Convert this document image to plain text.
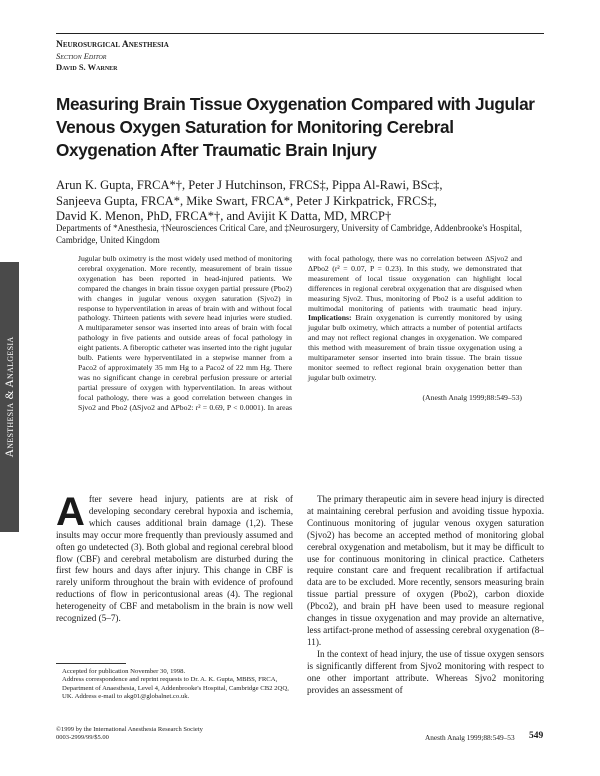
Anesthesia & Analgesia
Neurosurgical Anesthesia
Section Editor
David S. Warner
Measuring Brain Tissue Oxygenation Compared with Jugular Venous Oxygen Saturation for Monitoring Cerebral Oxygenation After Traumatic Brain Injury
Arun K. Gupta, FRCA*†, Peter J Hutchinson, FRCS‡, Pippa Al-Rawi, BSc‡,
Sanjeeva Gupta, FRCA*, Mike Swart, FRCA*, Peter J Kirkpatrick, FRCS‡,
David K. Menon, PhD, FRCA*†, and Avijit K Datta, MD, MRCP†
Departments of *Anesthesia, †Neurosciences Critical Care, and ‡Neurosurgery, University of Cambridge, Addenbrooke's Hospital, Cambridge, United Kingdom

Jugular bulb oximetry is the most widely used method of monitoring cerebral oxygenation. More recently, measurement of brain tissue oxygenation has been reported in head-injured patients. We compared the changes in brain tissue oxygen partial pressure (Pbo2) with changes in jugular venous oxygen saturation (Sjvo2) in response to hyperventilation in areas of brain with and without focal pathology. Thirteen patients with severe head injuries were studied. A multiparameter sensor was inserted into areas of brain with focal pathology in five patients and outside areas of focal pathology in eight patients. A fiberoptic catheter was inserted into the right jugular bulb. Patients were hyperventilated in a stepwise manner from a Paco2 of approximately 35 mm Hg to a Paco2 of 22 mm Hg. There was no significant change in cerebral perfusion pressure or arterial partial pressure of oxygen with hyperventilation. In areas without focal pathology, there was a good correlation between changes in Sjvo2 and Pbo2 (ΔSjvo2 and ΔPbo2: r² = 0.69, P < 0.0001). In areas with focal pathology, there was no correlation between ΔSjvo2 and ΔPbo2 (r² = 0.07, P = 0.23). In this study, we demonstrated that measurement of local tissue oxygenation can highlight local differences in regional cerebral oxygenation that are disguised when measuring Sjvo2. Thus, monitoring of Pbo2 is a useful addition to multimodal monitoring of patients with traumatic head injury. Implications: Brain oxygenation is currently monitored by using jugular bulb oximetry, which attracts a number of potential artifacts and may not reflect regional changes in oxygenation. We compared this method with measurement of brain tissue oxygenation using a multiparameter sensor inserted into brain tissue. The brain tissue monitor seemed to reflect regional brain oxygenation better than jugular bulb oximetry.

(Anesth Analg 1999;88:549–53)

After severe head injury, patients are at risk of developing secondary cerebral hypoxia and ischemia, which causes additional brain damage (1,2). These insults may occur more frequently than previously assumed and often go undetected (3). Both global and regional cerebral blood flow (CBF) and cerebral metabolism are disturbed during the first few hours and days after injury. This change in CBF is rarely uniform throughout the brain with evidence of profound reductions of flow in pericontusional areas (4). The regional heterogeneity of CBF and metabolism in the brain is now well recognized (5–7).

The primary therapeutic aim in severe head injury is directed at maintaining cerebral perfusion and avoiding tissue hypoxia. Continuous monitoring of jugular venous oxygen saturation (Sjvo2) has become an accepted method of monitoring global cerebral oxygenation and metabolism, but it may be difficult to use for continuous monitoring in clinical practice. Catheters require constant care and frequent recalibration if artifactual data are to be excluded. More recently, sensors measuring brain tissue partial pressure of oxygen (Pbo2), carbon dioxide (Pbco2), and brain pH have been used to measure regional changes in tissue oxygenation and may provide an alternative, less artifact-prone method of assessing cerebral oxygenation (8–11).

In the context of head injury, the use of tissue oxygen sensors is significantly different from Sjvo2 monitoring with respect to one other important attribute. Whereas Sjvo2 monitoring provides an assessment of

Accepted for publication November 30, 1998.

Address correspondence and reprint requests to Dr. A. K. Gupta, MBBS, FRCA, Department of Anaesthesia, Level 4, Addenbrooke's Hospital, Cambridge CB2 2QQ, UK. Address e-mail to akg01@globalnet.co.uk.

©1999 by the International Anesthesia Research Society
0003-2999/99/$5.00	Anesth Analg 1999;88:549–53 549
